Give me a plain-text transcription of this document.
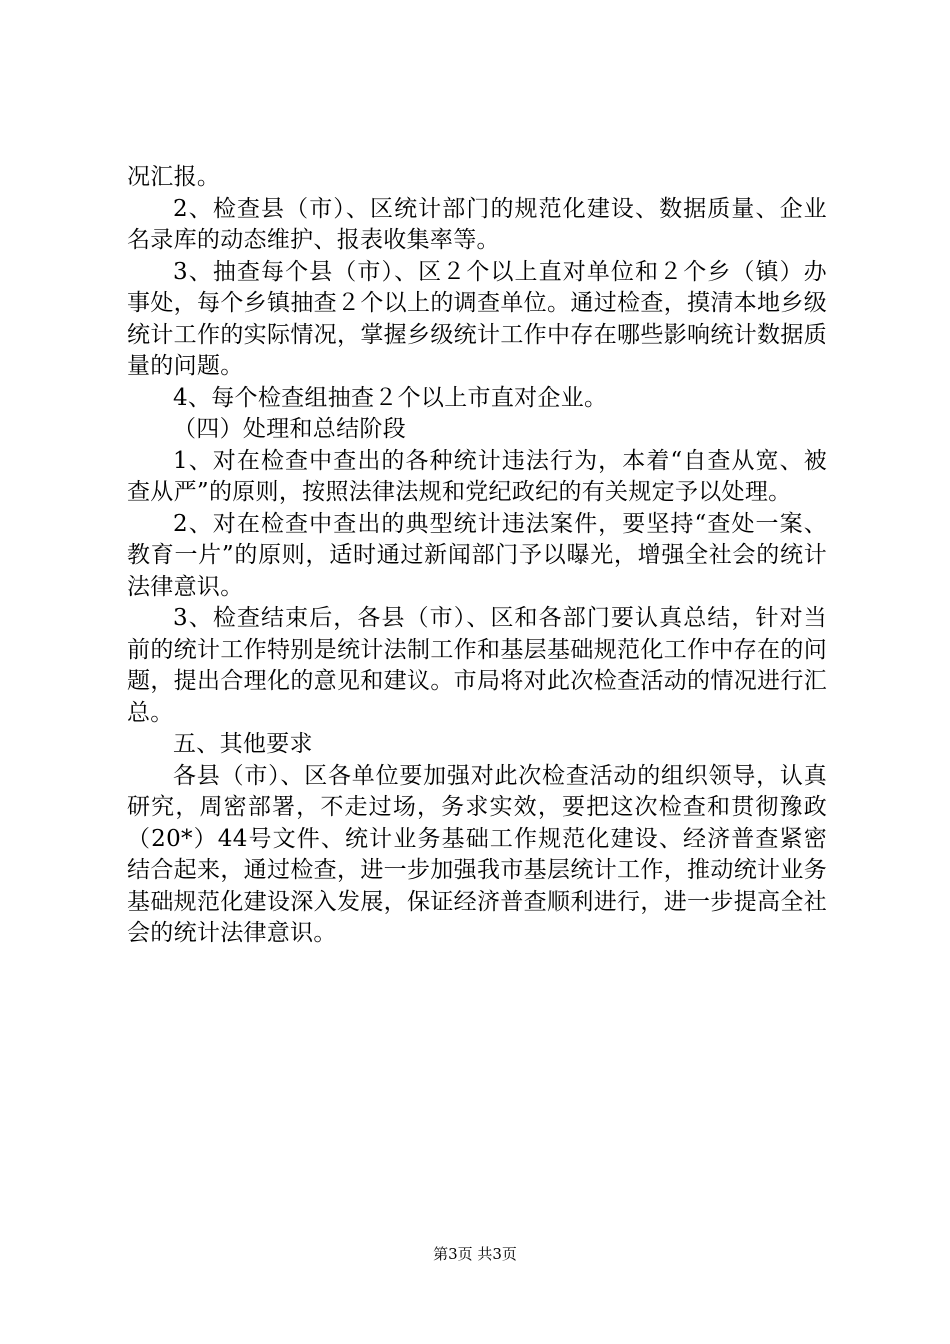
况汇报。

2、检查县（市）、区统计部门的规范化建设、数据质量、企业名录库的动态维护、报表收集率等。

3、抽查每个县（市）、区２个以上直对单位和２个乡（镇）办事处，每个乡镇抽查２个以上的调查单位。通过检查，摸清本地乡级统计工作的实际情况，掌握乡级统计工作中存在哪些影响统计数据质量的问题。

4、每个检查组抽查２个以上市直对企业。

（四）处理和总结阶段

1、对在检查中查出的各种统计违法行为，本着“自查从宽、被查从严”的原则，按照法律法规和党纪政纪的有关规定予以处理。

2、对在检查中查出的典型统计违法案件，要坚持“查处一案、教育一片”的原则，适时通过新闻部门予以曝光，增强全社会的统计法律意识。

3、检查结束后，各县（市）、区和各部门要认真总结，针对当前的统计工作特别是统计法制工作和基层基础规范化工作中存在的问题，提出合理化的意见和建议。市局将对此次检查活动的情况进行汇总。

五、其他要求

各县（市）、区各单位要加强对此次检查活动的组织领导，认真研究，周密部署，不走过场，务求实效，要把这次检查和贯彻豫政（20*）44号文件、统计业务基础工作规范化建设、经济普查紧密结合起来，通过检查，进一步加强我市基层统计工作，推动统计业务基础规范化建设深入发展，保证经济普查顺利进行，进一步提高全社会的统计法律意识。

第3页 共3页
